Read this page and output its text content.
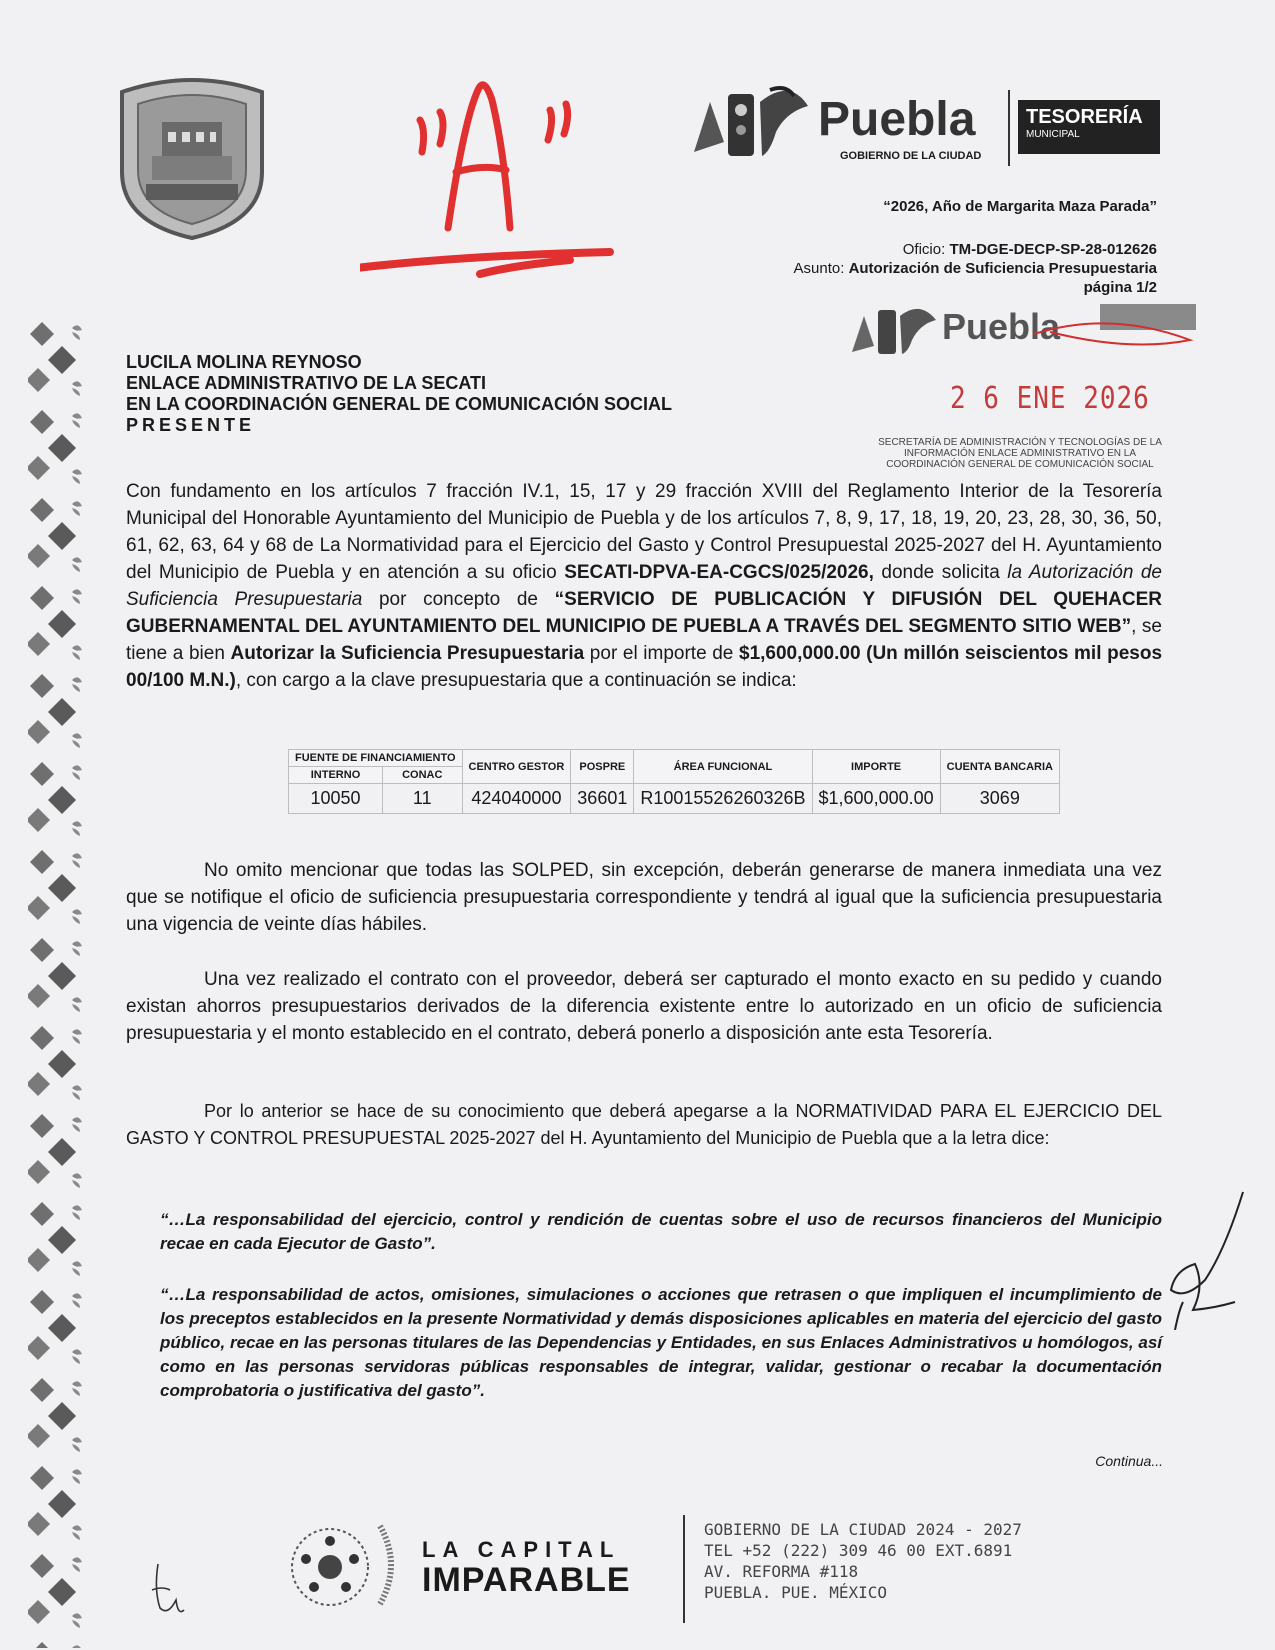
Puebla
GOBIERNO DE LA CIUDAD
TESORERÍA
MUNICIPAL
“2026, Año de Margarita Maza Parada”
Oficio: TM-DGE-DECP-SP-28-012626
Asunto: Autorización de Suficiencia Presupuestaria
página 1/2
Puebla
2 6 ENE 2026
SECRETARÍA DE ADMINISTRACIÓN Y TECNOLOGÍAS DE LA INFORMACIÓN ENLACE ADMINISTRATIVO EN LA COORDINACIÓN GENERAL DE COMUNICACIÓN SOCIAL
LUCILA MOLINA REYNOSO
ENLACE ADMINISTRATIVO DE LA SECATI
EN LA COORDINACIÓN GENERAL DE COMUNICACIÓN SOCIAL
PRESENTE
Con fundamento en los artículos 7 fracción IV.1, 15, 17 y 29 fracción XVIII del Reglamento Interior de la Tesorería Municipal del Honorable Ayuntamiento del Municipio de Puebla y de los artículos 7, 8, 9, 17, 18, 19, 20, 23, 28, 30, 36, 50, 61, 62, 63, 64 y 68 de La Normatividad para el Ejercicio del Gasto y Control Presupuestal 2025-2027 del H. Ayuntamiento del Municipio de Puebla y en atención a su oficio SECATI-DPVA-EA-CGCS/025/2026, donde solicita la Autorización de Suficiencia Presupuestaria por concepto de “SERVICIO DE PUBLICACIÓN Y DIFUSIÓN DEL QUEHACER GUBERNAMENTAL DEL AYUNTAMIENTO DEL MUNICIPIO DE PUEBLA A TRAVÉS DEL SEGMENTO SITIO WEB”, se tiene a bien Autorizar la Suficiencia Presupuestaria por el importe de $1,600,000.00 (Un millón seiscientos mil pesos 00/100 M.N.), con cargo a la clave presupuestaria que a continuación se indica:
FUENTE DE FINANCIAMIENTO		CENTRO GESTOR	POSPRE	ÁREA FUNCIONAL	IMPORTE	CUENTA BANCARIA
INTERNO	CONAC					
10050	11	424040000	36601	R10015526260326B	$1,600,000.00	3069
No omito mencionar que todas las SOLPED, sin excepción, deberán generarse de manera inmediata una vez que se notifique el oficio de suficiencia presupuestaria correspondiente y tendrá al igual que la suficiencia presupuestaria una vigencia de veinte días hábiles.
Una vez realizado el contrato con el proveedor, deberá ser capturado el monto exacto en su pedido y cuando existan ahorros presupuestarios derivados de la diferencia existente entre lo autorizado en un oficio de suficiencia presupuestaria y el monto establecido en el contrato, deberá ponerlo a disposición ante esta Tesorería.
Por lo anterior se hace de su conocimiento que deberá apegarse a la NORMATIVIDAD PARA EL EJERCICIO DEL GASTO Y CONTROL PRESUPUESTAL 2025-2027 del H. Ayuntamiento del Municipio de Puebla que a la letra dice:
“…La responsabilidad del ejercicio, control y rendición de cuentas sobre el uso de recursos financieros del Municipio recae en cada Ejecutor de Gasto”.
“…La responsabilidad de actos, omisiones, simulaciones o acciones que retrasen o que impliquen el incumplimiento de los preceptos establecidos en la presente Normatividad y demás disposiciones aplicables en materia del ejercicio del gasto público, recae en las personas titulares de las Dependencias y Entidades, en sus Enlaces Administrativos u homólogos, así como en las personas servidoras públicas responsables de integrar, validar, gestionar o recabar la documentación comprobatoria o justificativa del gasto”.
Continua...
LA CAPITAL
IMPARABLE
GOBIERNO DE LA CIUDAD 2024 - 2027
TEL +52 (222) 309 46 00 EXT.6891
AV. REFORMA #118
PUEBLA. PUE. MÉXICO
